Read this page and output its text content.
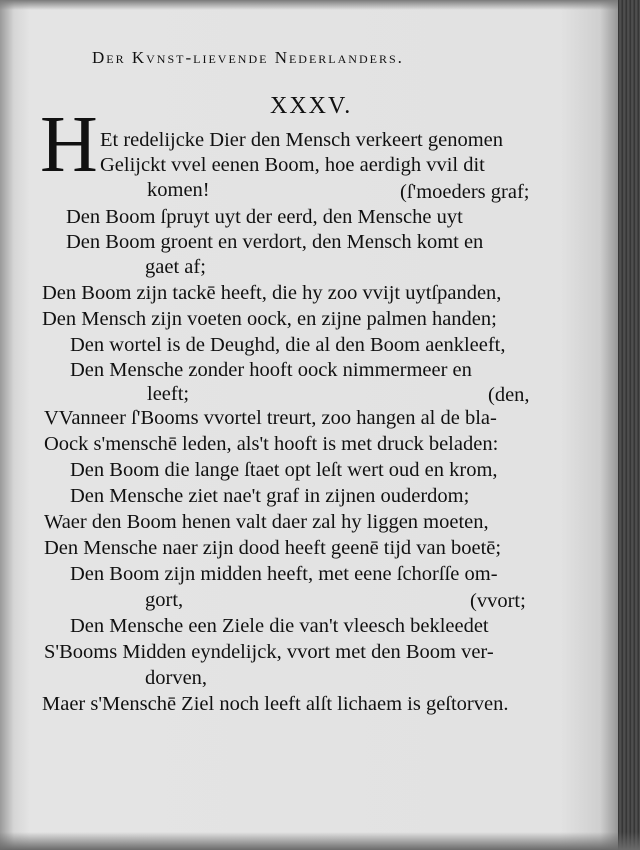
Der Kvnst-lievende Nederlanders.
XXXV.
H Et redelijcke Dier den Mensch verkeert genomen
Gelijckt vvel eenen Boom, hoe aerdigh vvil dit
komen!	(ſ'moeders graf;
Den Boom ſpruyt uyt der eerd, den Mensche uyt
Den Boom groent en verdort, den Mensch komt en
gaet af;
Den Boom zijn tackē heeft, die hy zoo vvijt uytſpanden,
Den Mensch zijn voeten oock, en zijne palmen handen;
Den wortel is de Deughd, die al den Boom aenkleeft,
Den Mensche zonder hooft oock nimmermeer en
leeft;	(den,
VVanneer ſ'Booms vvortel treurt, zoo hangen al de bla-
Oock s'menschē leden, als't hooft is met druck beladen:
Den Boom die lange ſtaet opt leſt wert oud en krom,
Den Mensche ziet nae't graf in zijnen ouderdom;
Waer den Boom henen valt daer zal hy liggen moeten,
Den Mensche naer zijn dood heeft geenē tijd van boetē;
Den Boom zijn midden heeft, met eene ſchorſſe om-
gort,	(vvort;
Den Mensche een Ziele die van't vleesch bekleedet
S'Booms Midden eyndelijck, vvort met den Boom ver-
dorven,
Maer s'Menschē Ziel noch leeft alſt lichaem is geſtorven.
